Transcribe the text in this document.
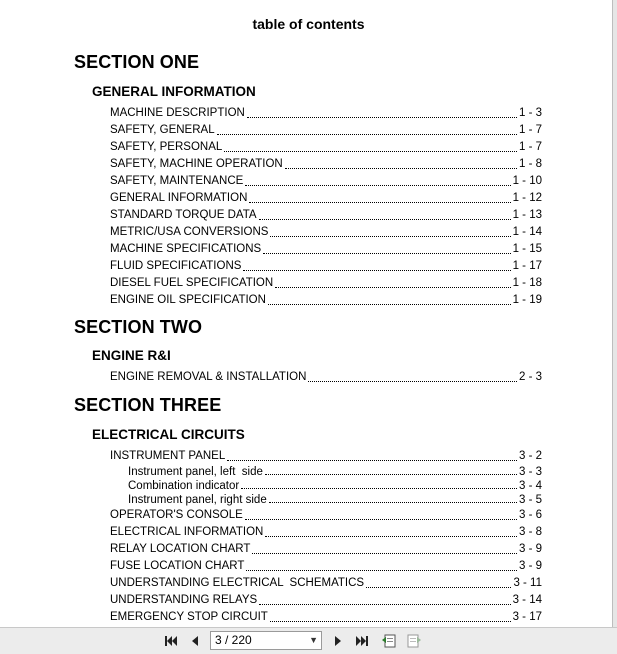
table of contents
SECTION ONE
GENERAL INFORMATION
MACHINE DESCRIPTION	1 - 3
SAFETY, GENERAL	1 - 7
SAFETY, PERSONAL	1 - 7
SAFETY, MACHINE OPERATION	1 - 8
SAFETY, MAINTENANCE	1 - 10
GENERAL INFORMATION	1 - 12
STANDARD TORQUE DATA	1 - 13
METRIC/USA CONVERSIONS	1 - 14
MACHINE SPECIFICATIONS	1 - 15
FLUID SPECIFICATIONS	1 - 17
DIESEL FUEL SPECIFICATION	1 - 18
ENGINE OIL SPECIFICATION	1 - 19
SECTION TWO
ENGINE R&I
ENGINE REMOVAL & INSTALLATION	2 - 3
SECTION THREE
ELECTRICAL CIRCUITS
INSTRUMENT PANEL	3 - 2
Instrument panel, left  side	3 - 3
Combination indicator	3 - 4
Instrument panel, right side	3 - 5
OPERATOR'S CONSOLE	3 - 6
ELECTRICAL INFORMATION	3 - 8
RELAY LOCATION CHART	3 - 9
FUSE LOCATION CHART	3 - 9
UNDERSTANDING ELECTRICAL  SCHEMATICS	3 - 11
UNDERSTANDING RELAYS	3 - 14
EMERGENCY STOP CIRCUIT	3 - 17
3 / 220	▼
